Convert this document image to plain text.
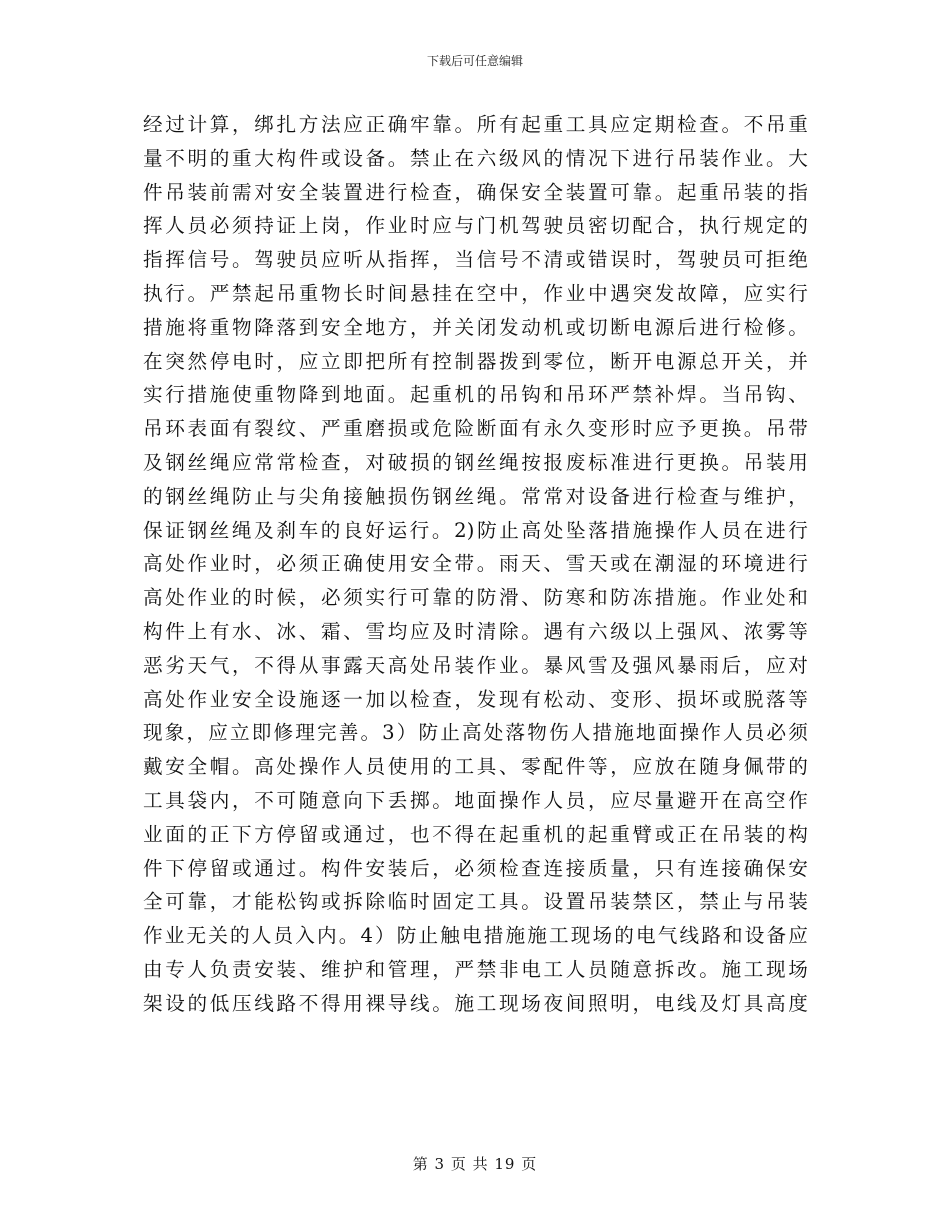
下载后可任意编辑
经过计算，绑扎方法应正确牢靠。所有起重工具应定期检查。不吊重
量不明的重大构件或设备。禁止在六级风的情况下进行吊装作业。大
件吊装前需对安全装置进行检查，确保安全装置可靠。起重吊装的指
挥人员必须持证上岗，作业时应与门机驾驶员密切配合，执行规定的
指挥信号。驾驶员应听从指挥，当信号不清或错误时，驾驶员可拒绝
执行。严禁起吊重物长时间悬挂在空中，作业中遇突发故障，应实行
措施将重物降落到安全地方，并关闭发动机或切断电源后进行检修。
在突然停电时，应立即把所有控制器拨到零位，断开电源总开关，并
实行措施使重物降到地面。起重机的吊钩和吊环严禁补焊。当吊钩、
吊环表面有裂纹、严重磨损或危险断面有永久变形时应予更换。吊带
及钢丝绳应常常检查，对破损的钢丝绳按报废标准进行更换。吊装用
的钢丝绳防止与尖角接触损伤钢丝绳。常常对设备进行检查与维护，
保证钢丝绳及刹车的良好运行。2)防止高处坠落措施操作人员在进行
高处作业时，必须正确使用安全带。雨天、雪天或在潮湿的环境进行
高处作业的时候，必须实行可靠的防滑、防寒和防冻措施。作业处和
构件上有水、冰、霜、雪均应及时清除。遇有六级以上强风、浓雾等
恶劣天气，不得从事露天高处吊装作业。暴风雪及强风暴雨后，应对
高处作业安全设施逐一加以检查，发现有松动、变形、损坏或脱落等
现象，应立即修理完善。3）防止高处落物伤人措施地面操作人员必须
戴安全帽。高处操作人员使用的工具、零配件等，应放在随身佩带的
工具袋内，不可随意向下丢掷。地面操作人员，应尽量避开在高空作
业面的正下方停留或通过，也不得在起重机的起重臂或正在吊装的构
件下停留或通过。构件安装后，必须检查连接质量，只有连接确保安
全可靠，才能松钩或拆除临时固定工具。设置吊装禁区，禁止与吊装
作业无关的人员入内。4）防止触电措施施工现场的电气线路和设备应
由专人负责安装、维护和管理，严禁非电工人员随意拆改。施工现场
架设的低压线路不得用裸导线。施工现场夜间照明，电线及灯具高度
第 3 页 共 19 页
